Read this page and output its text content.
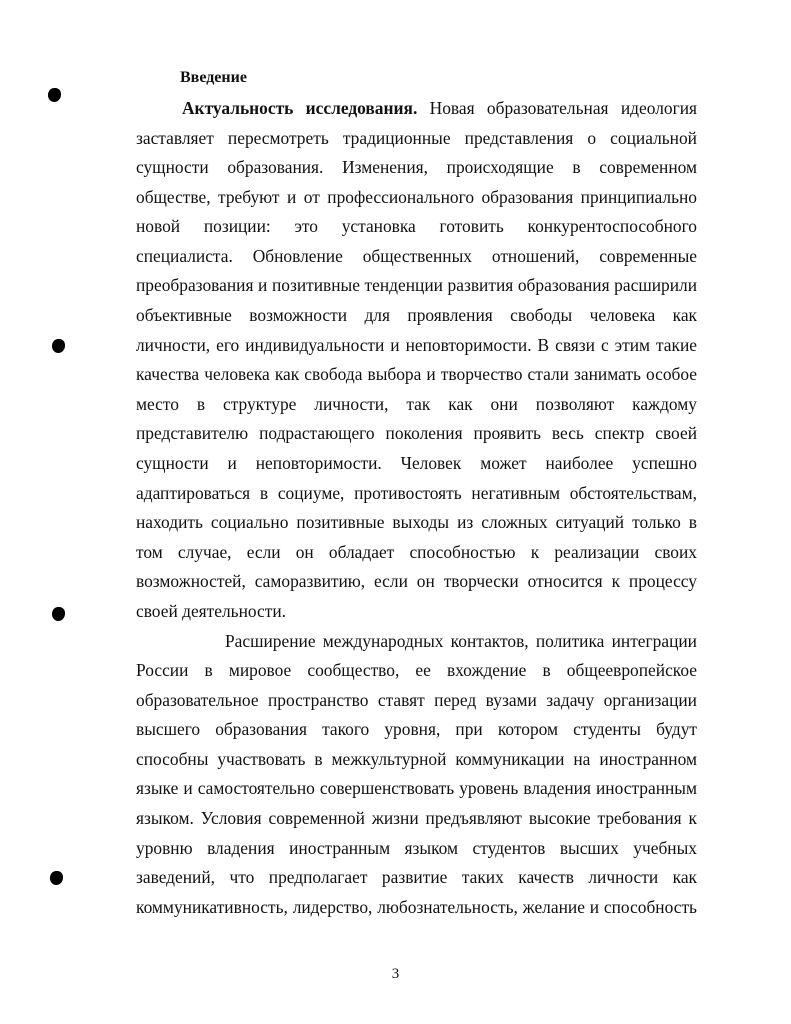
Введение
Актуальность исследования. Новая образовательная идеология
заставляет пересмотреть традиционные представления о социальной
сущности образования. Изменения, происходящие в современном
обществе, требуют и от профессионального образования принципиально
новой позиции: это установка готовить конкурентоспособного
специалиста. Обновление общественных отношений, современные
преобразования и позитивные тенденции развития образования расширили
объективные возможности для проявления свободы человека как
личности, его индивидуальности и неповторимости. В связи с этим такие
качества человека как свобода выбора и творчество стали занимать особое
место в структуре личности, так как они позволяют каждому
представителю подрастающего поколения проявить весь спектр своей
сущности и неповторимости. Человек может наиболее успешно
адаптироваться в социуме, противостоять негативным обстоятельствам,
находить социально позитивные выходы из сложных ситуаций только в
том случае, если он обладает способностью к реализации своих
возможностей, саморазвитию, если он творчески относится к процессу
своей деятельности.
Расширение международных контактов, политика интеграции
России в мировое сообщество, ее вхождение в общеевропейское
образовательное пространство ставят перед вузами задачу организации
высшего образования такого уровня, при котором студенты будут
способны участвовать в межкультурной коммуникации на иностранном
языке и самостоятельно совершенствовать уровень владения иностранным
языком. Условия современной жизни предъявляют высокие требования к
уровню владения иностранным языком студентов высших учебных
заведений, что предполагает развитие таких качеств личности как
коммуникативность, лидерство, любознательность, желание и способность
3
